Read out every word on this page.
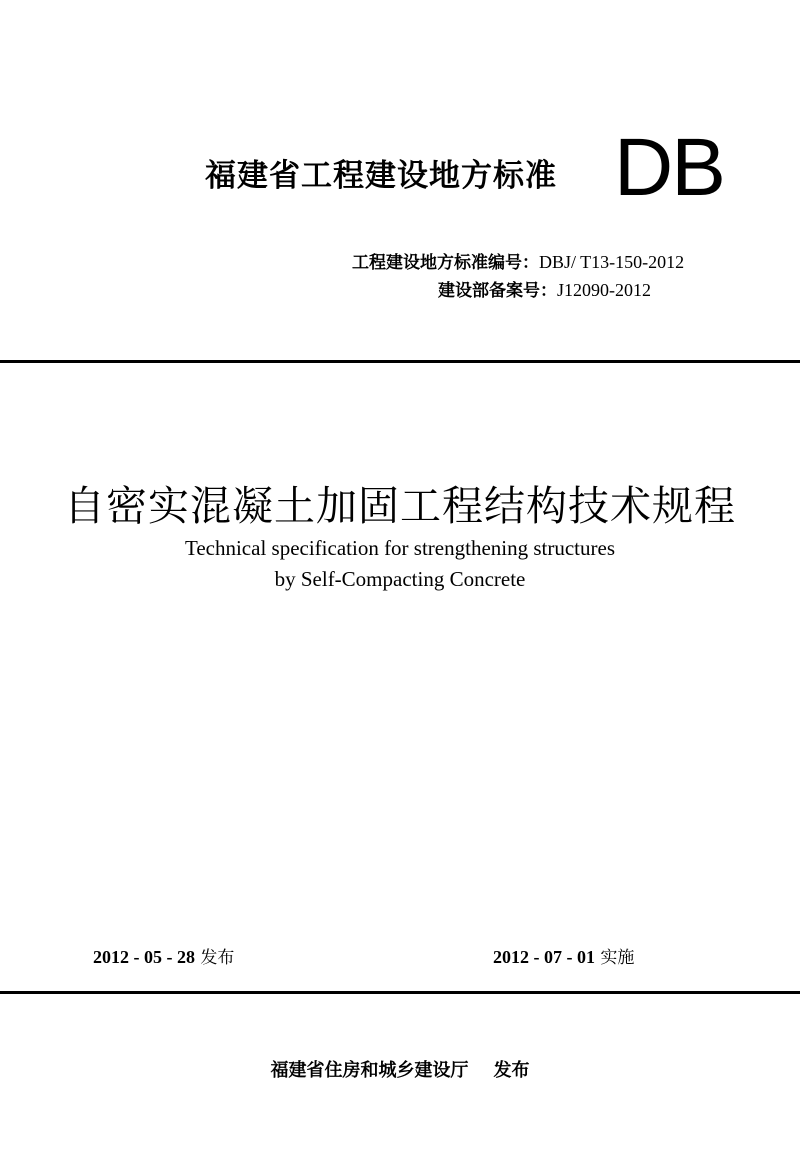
福建省工程建设地方标准 DB
工程建设地方标准编号：DBJ/ T13-150-2012
建设部备案号：J12090-2012
自密实混凝土加固工程结构技术规程
Technical specification for strengthening structures
by Self-Compacting Concrete
2012 - 05 - 28 发布	2012 - 07 - 01 实施
福建省住房和城乡建设厅 发布
